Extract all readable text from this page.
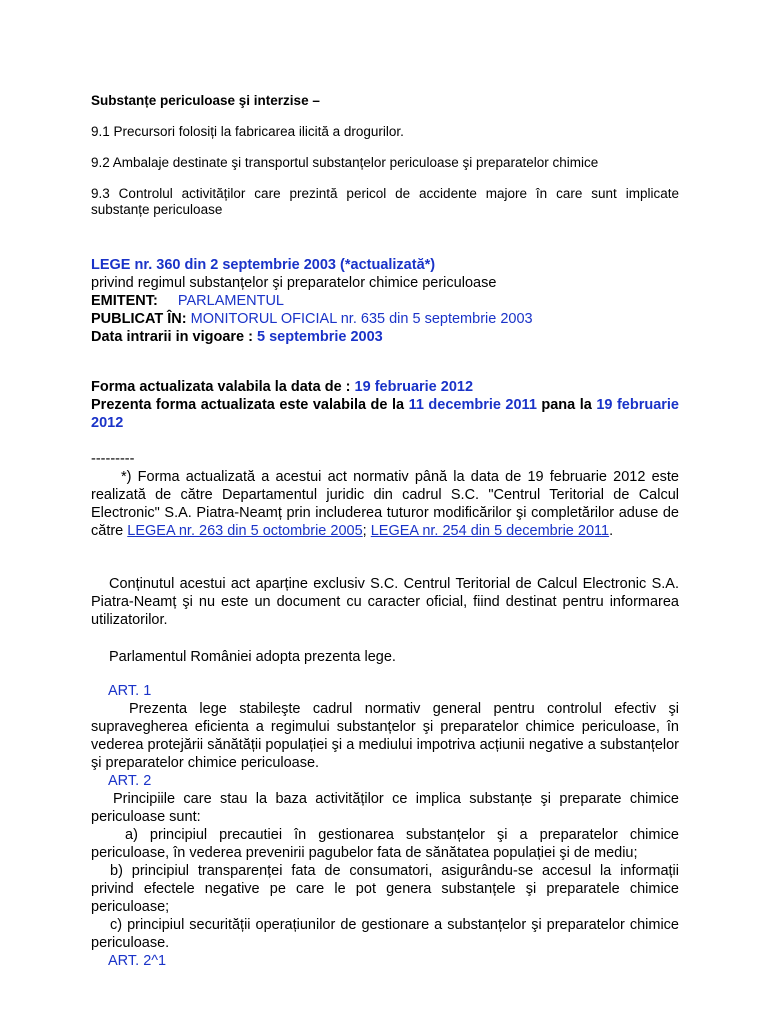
Substanțe periculoase şi interzise –

9.1 Precursori folosiți la fabricarea ilicită a drogurilor.

9.2 Ambalaje destinate şi transportul substanțelor periculoase şi preparatelor chimice

9.3 Controlul activităților care prezintă pericol de accidente majore în care sunt implicate substanțe periculoase

LEGE nr. 360 din 2 septembrie 2003 (*actualizată*)

privind regimul substanțelor şi preparatelor chimice periculoase

EMITENT: PARLAMENTUL

PUBLICAT ÎN: MONITORUL OFICIAL nr. 635 din 5 septembrie 2003

Data intrarii in vigoare : 5 septembrie 2003

Forma actualizata valabila la data de : 19 februarie 2012

Prezenta forma actualizata este valabila de la 11 decembrie 2011 pana la 19 februarie 2012

---------

*) Forma actualizată a acestui act normativ până la data de 19 februarie 2012 este realizată de către Departamentul juridic din cadrul S.C. "Centrul Teritorial de Calcul Electronic" S.A. Piatra-Neamț prin includerea tuturor modificărilor şi completărilor aduse de către LEGEA nr. 263 din 5 octombrie 2005; LEGEA nr. 254 din 5 decembrie 2011.

Conținutul acestui act aparține exclusiv S.C. Centrul Teritorial de Calcul Electronic S.A. Piatra-Neamț şi nu este un document cu caracter oficial, fiind destinat pentru informarea utilizatorilor.

Parlamentul României adopta prezenta lege.

ART. 1

Prezenta lege stabileşte cadrul normativ general pentru controlul efectiv şi supravegherea eficienta a regimului substanțelor şi preparatelor chimice periculoase, în vederea protejării sănătății populației şi a mediului impotriva acțiunii negative a substanțelor şi preparatelor chimice periculoase.

ART. 2

Principiile care stau la baza activităților ce implica substanțe şi preparate chimice periculoase sunt:

a) principiul precautiei în gestionarea substanțelor şi a preparatelor chimice periculoase, în vederea prevenirii pagubelor fata de sănătatea populației şi de mediu;

b) principiul transparenței fata de consumatori, asigurându-se accesul la informații privind efectele negative pe care le pot genera substanțele şi preparatele chimice periculoase;

c) principiul securității operațiunilor de gestionare a substanțelor şi preparatelor chimice periculoase.

ART. 2^1
